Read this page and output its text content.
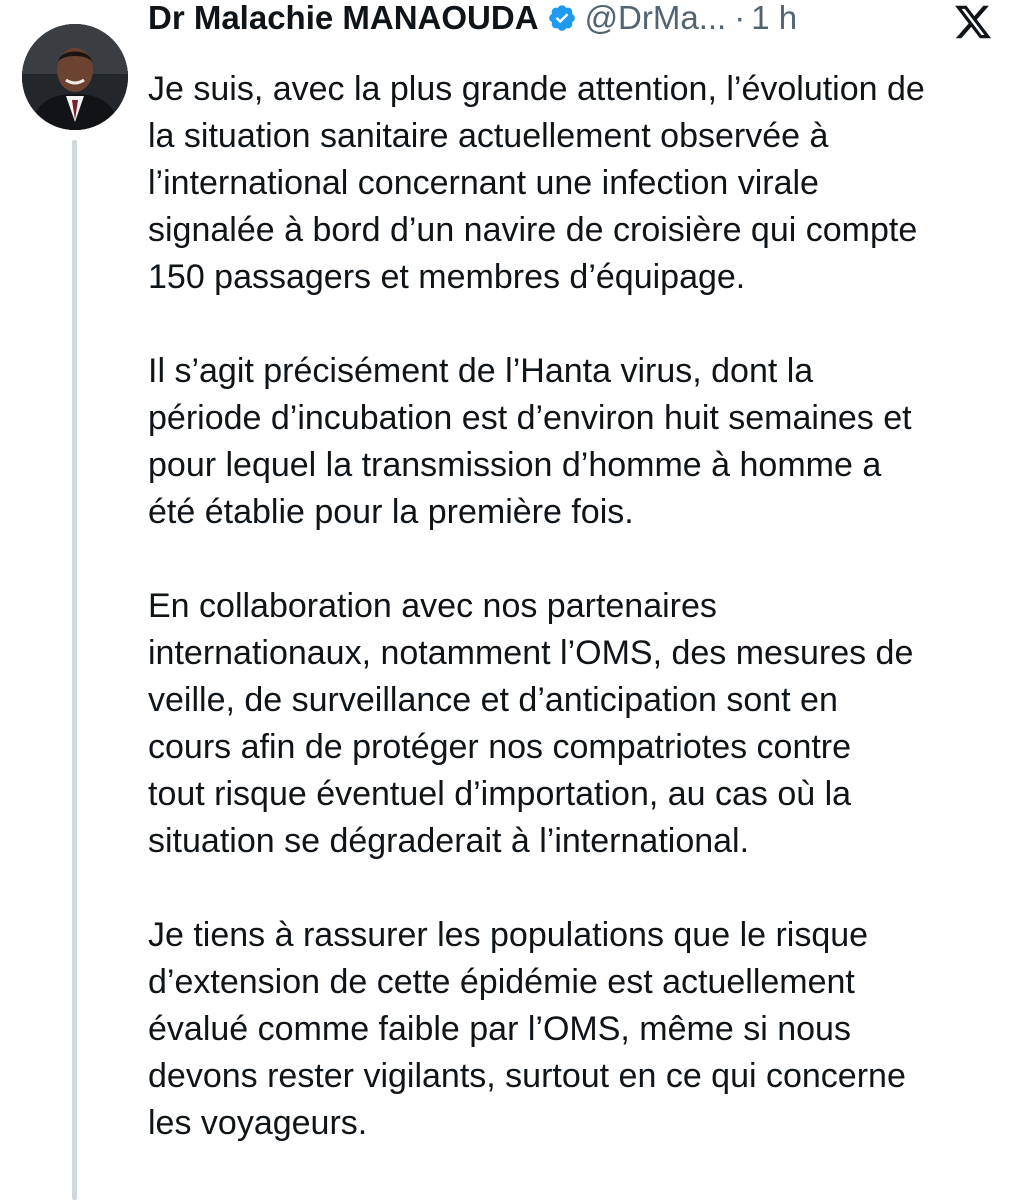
Dr Malachie MANAOUDA @DrMa... · 1 h

Je suis, avec la plus grande attention, l’évolution de
la situation sanitaire actuellement observée à
l’international concernant une infection virale
signalée à bord d’un navire de croisière qui compte
150 passagers et membres d’équipage.

Il s’agit précisément de l’Hanta virus, dont la
période d’incubation est d’environ huit semaines et
pour lequel la transmission d’homme à homme a
été établie pour la première fois.

En collaboration avec nos partenaires
internationaux, notamment l’OMS, des mesures de
veille, de surveillance et d’anticipation sont en
cours afin de protéger nos compatriotes contre
tout risque éventuel d’importation, au cas où la
situation se dégraderait à l’international.

Je tiens à rassurer les populations que le risque
d’extension de cette épidémie est actuellement
évalué comme faible par l’OMS, même si nous
devons rester vigilants, surtout en ce qui concerne
les voyageurs.
